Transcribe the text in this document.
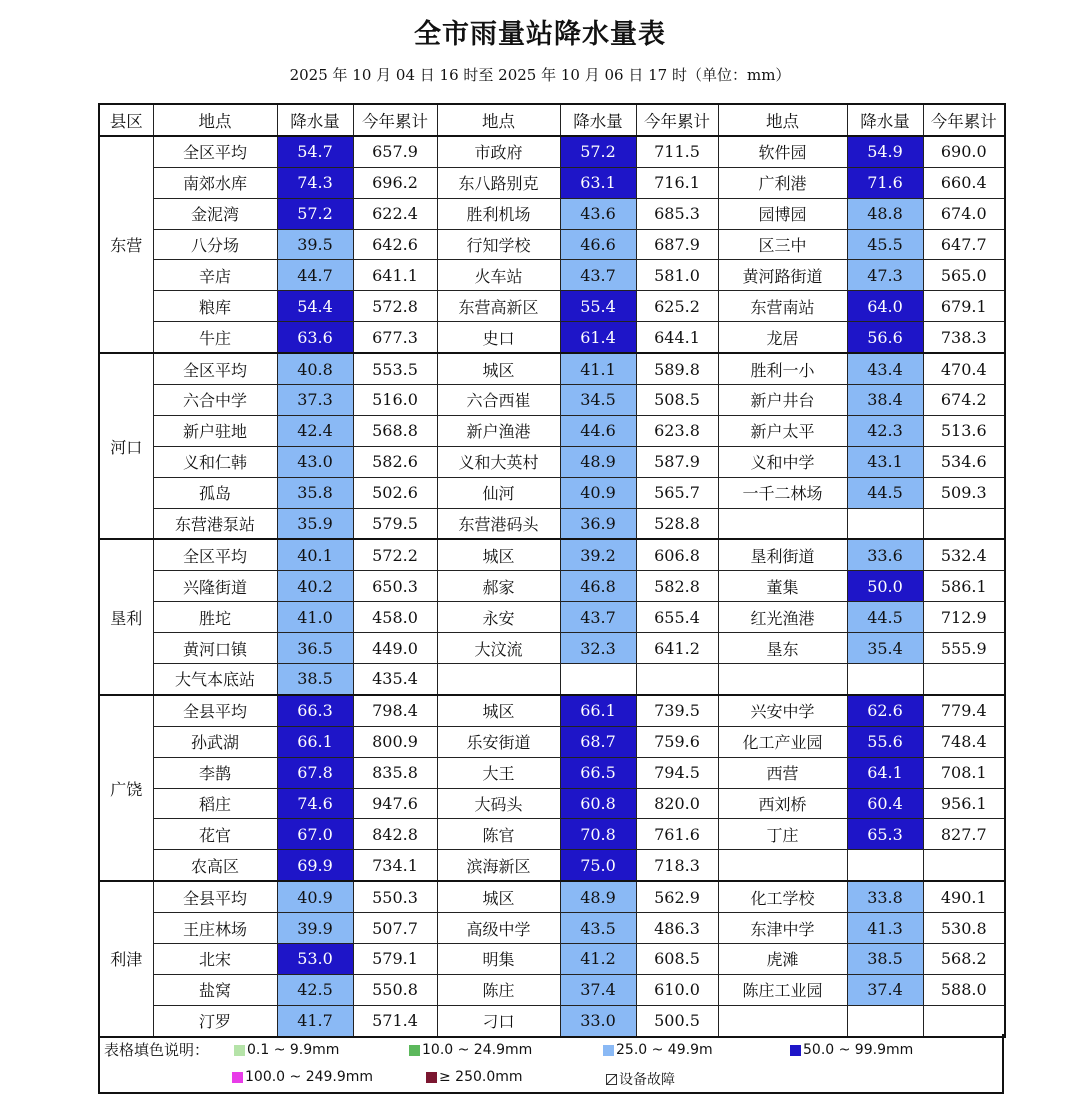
全市雨量站降水量表
2025 年 10 月 04 日 16 时至 2025 年 10 月 06 日 17 时（单位：mm）
县区	地点	降水量	今年累计	地点	降水量	今年累计	地点	降水量	今年累计
东营	全区平均	54.7	657.9	市政府	57.2	711.5	软件园	54.9	690.0
	南郊水库	74.3	696.2	东八路别克	63.1	716.1	广利港	71.6	660.4
	金泥湾	57.2	622.4	胜利机场	43.6	685.3	园博园	48.8	674.0
	八分场	39.5	642.6	行知学校	46.6	687.9	区三中	45.5	647.7
	辛店	44.7	641.1	火车站	43.7	581.0	黄河路街道	47.3	565.0
	粮库	54.4	572.8	东营高新区	55.4	625.2	东营南站	64.0	679.1
	牛庄	63.6	677.3	史口	61.4	644.1	龙居	56.6	738.3
河口	全区平均	40.8	553.5	城区	41.1	589.8	胜利一小	43.4	470.4
	六合中学	37.3	516.0	六合西崔	34.5	508.5	新户井台	38.4	674.2
	新户驻地	42.4	568.8	新户渔港	44.6	623.8	新户太平	42.3	513.6
	义和仁韩	43.0	582.6	义和大英村	48.9	587.9	义和中学	43.1	534.6
	孤岛	35.8	502.6	仙河	40.9	565.7	一千二林场	44.5	509.3
	东营港泵站	35.9	579.5	东营港码头	36.9	528.8			
垦利	全区平均	40.1	572.2	城区	39.2	606.8	垦利街道	33.6	532.4
	兴隆街道	40.2	650.3	郝家	46.8	582.8	董集	50.0	586.1
	胜坨	41.0	458.0	永安	43.7	655.4	红光渔港	44.5	712.9
	黄河口镇	36.5	449.0	大汶流	32.3	641.2	垦东	35.4	555.9
	大气本底站	38.5	435.4						
广饶	全县平均	66.3	798.4	城区	66.1	739.5	兴安中学	62.6	779.4
	孙武湖	66.1	800.9	乐安街道	68.7	759.6	化工产业园	55.6	748.4
	李鹊	67.8	835.8	大王	66.5	794.5	西营	64.1	708.1
	稻庄	74.6	947.6	大码头	60.8	820.0	西刘桥	60.4	956.1
	花官	67.0	842.8	陈官	70.8	761.6	丁庄	65.3	827.7
	农高区	69.9	734.1	滨海新区	75.0	718.3			
利津	全县平均	40.9	550.3	城区	48.9	562.9	化工学校	33.8	490.1
	王庄林场	39.9	507.7	高级中学	43.5	486.3	东津中学	41.3	530.8
	北宋	53.0	579.1	明集	41.2	608.5	虎滩	38.5	568.2
	盐窝	42.5	550.8	陈庄	37.4	610.0	陈庄工业园	37.4	588.0
	汀罗	41.7	571.4	刁口	33.0	500.5			
表格填色说明：	0.1 ~ 9.9mm	10.0 ~ 24.9mm	25.0 ~ 49.9m	50.0 ~ 99.9mm
100.0 ~ 249.9mm	≥ 250.0mm	设备故障
